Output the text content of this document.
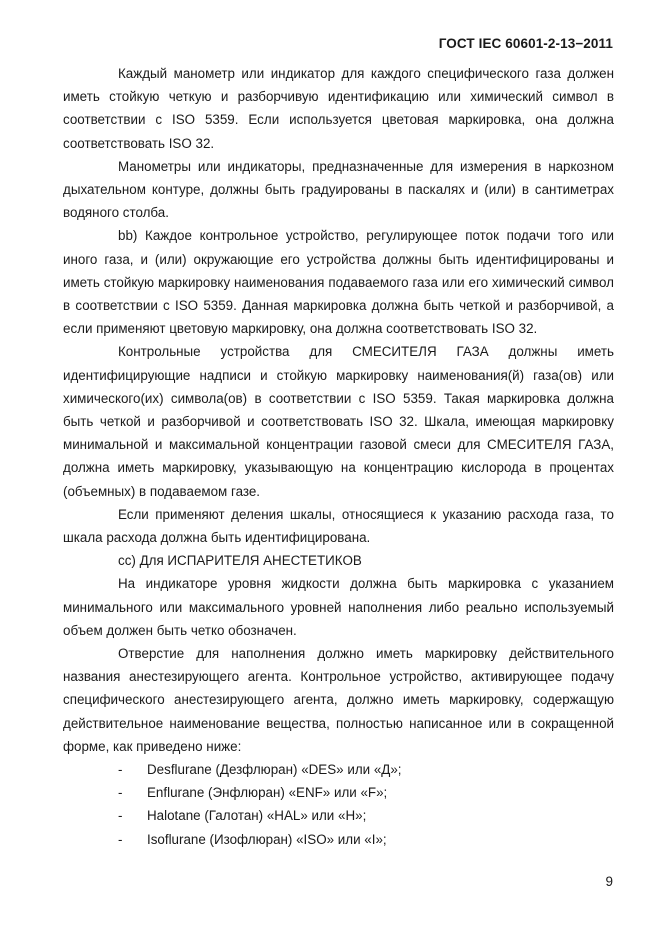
ГОСТ IEC 60601-2-13−2011

Каждый манометр или индикатор для каждого специфического газа должен иметь стойкую четкую и разборчивую идентификацию или химический символ в соответствии с ISO 5359. Если используется цветовая маркировка, она должна соответствовать ISO 32.

Манометры или индикаторы, предназначенные для измерения в наркозном дыхательном контуре, должны быть градуированы в паскалях и (или) в сантиметрах водяного столба.

bb) Каждое контрольное устройство, регулирующее поток подачи того или иного газа, и (или) окружающие его устройства должны быть идентифицированы и иметь стойкую маркировку наименования подаваемого газа или его химический символ в соответствии с ISO 5359. Данная маркировка должна быть четкой и разборчивой, а если применяют цветовую маркировку, она должна соответствовать ISO 32.

Контрольные устройства для СМЕСИТЕЛЯ ГАЗА должны иметь идентифицирующие надписи и стойкую маркировку наименования(й) газа(ов) или химического(их) символа(ов) в соответствии с ISO 5359. Такая маркировка должна быть четкой и разборчивой и соответствовать ISO 32. Шкала, имеющая маркировку минимальной и максимальной концентрации газовой смеси для СМЕСИТЕЛЯ ГАЗА, должна иметь маркировку, указывающую на концентрацию кислорода в процентах (объемных) в подаваемом газе.

Если применяют деления шкалы, относящиеся к указанию расхода газа, то шкала расхода должна быть идентифицирована.

сс) Для ИСПАРИТЕЛЯ АНЕСТЕТИКОВ

На индикаторе уровня жидкости должна быть маркировка с указанием минимального или максимального уровней наполнения либо реально используемый объем должен быть четко обозначен.

Отверстие для наполнения должно иметь маркировку действительного названия анестезирующего агента. Контрольное устройство, активирующее подачу специфического анестезирующего агента, должно иметь маркировку, содержащую действительное наименование вещества, полностью написанное или в сокращенной форме, как приведено ниже:

-	Desflurane (Дезфлюран) «DES» или «Д»;
-	Enflurane (Энфлюран) «ENF» или «F»;
-	Halotane (Галотан) «HAL» или «H»;
-	Isoflurane (Изофлюран) «ISO» или «I»;
9
